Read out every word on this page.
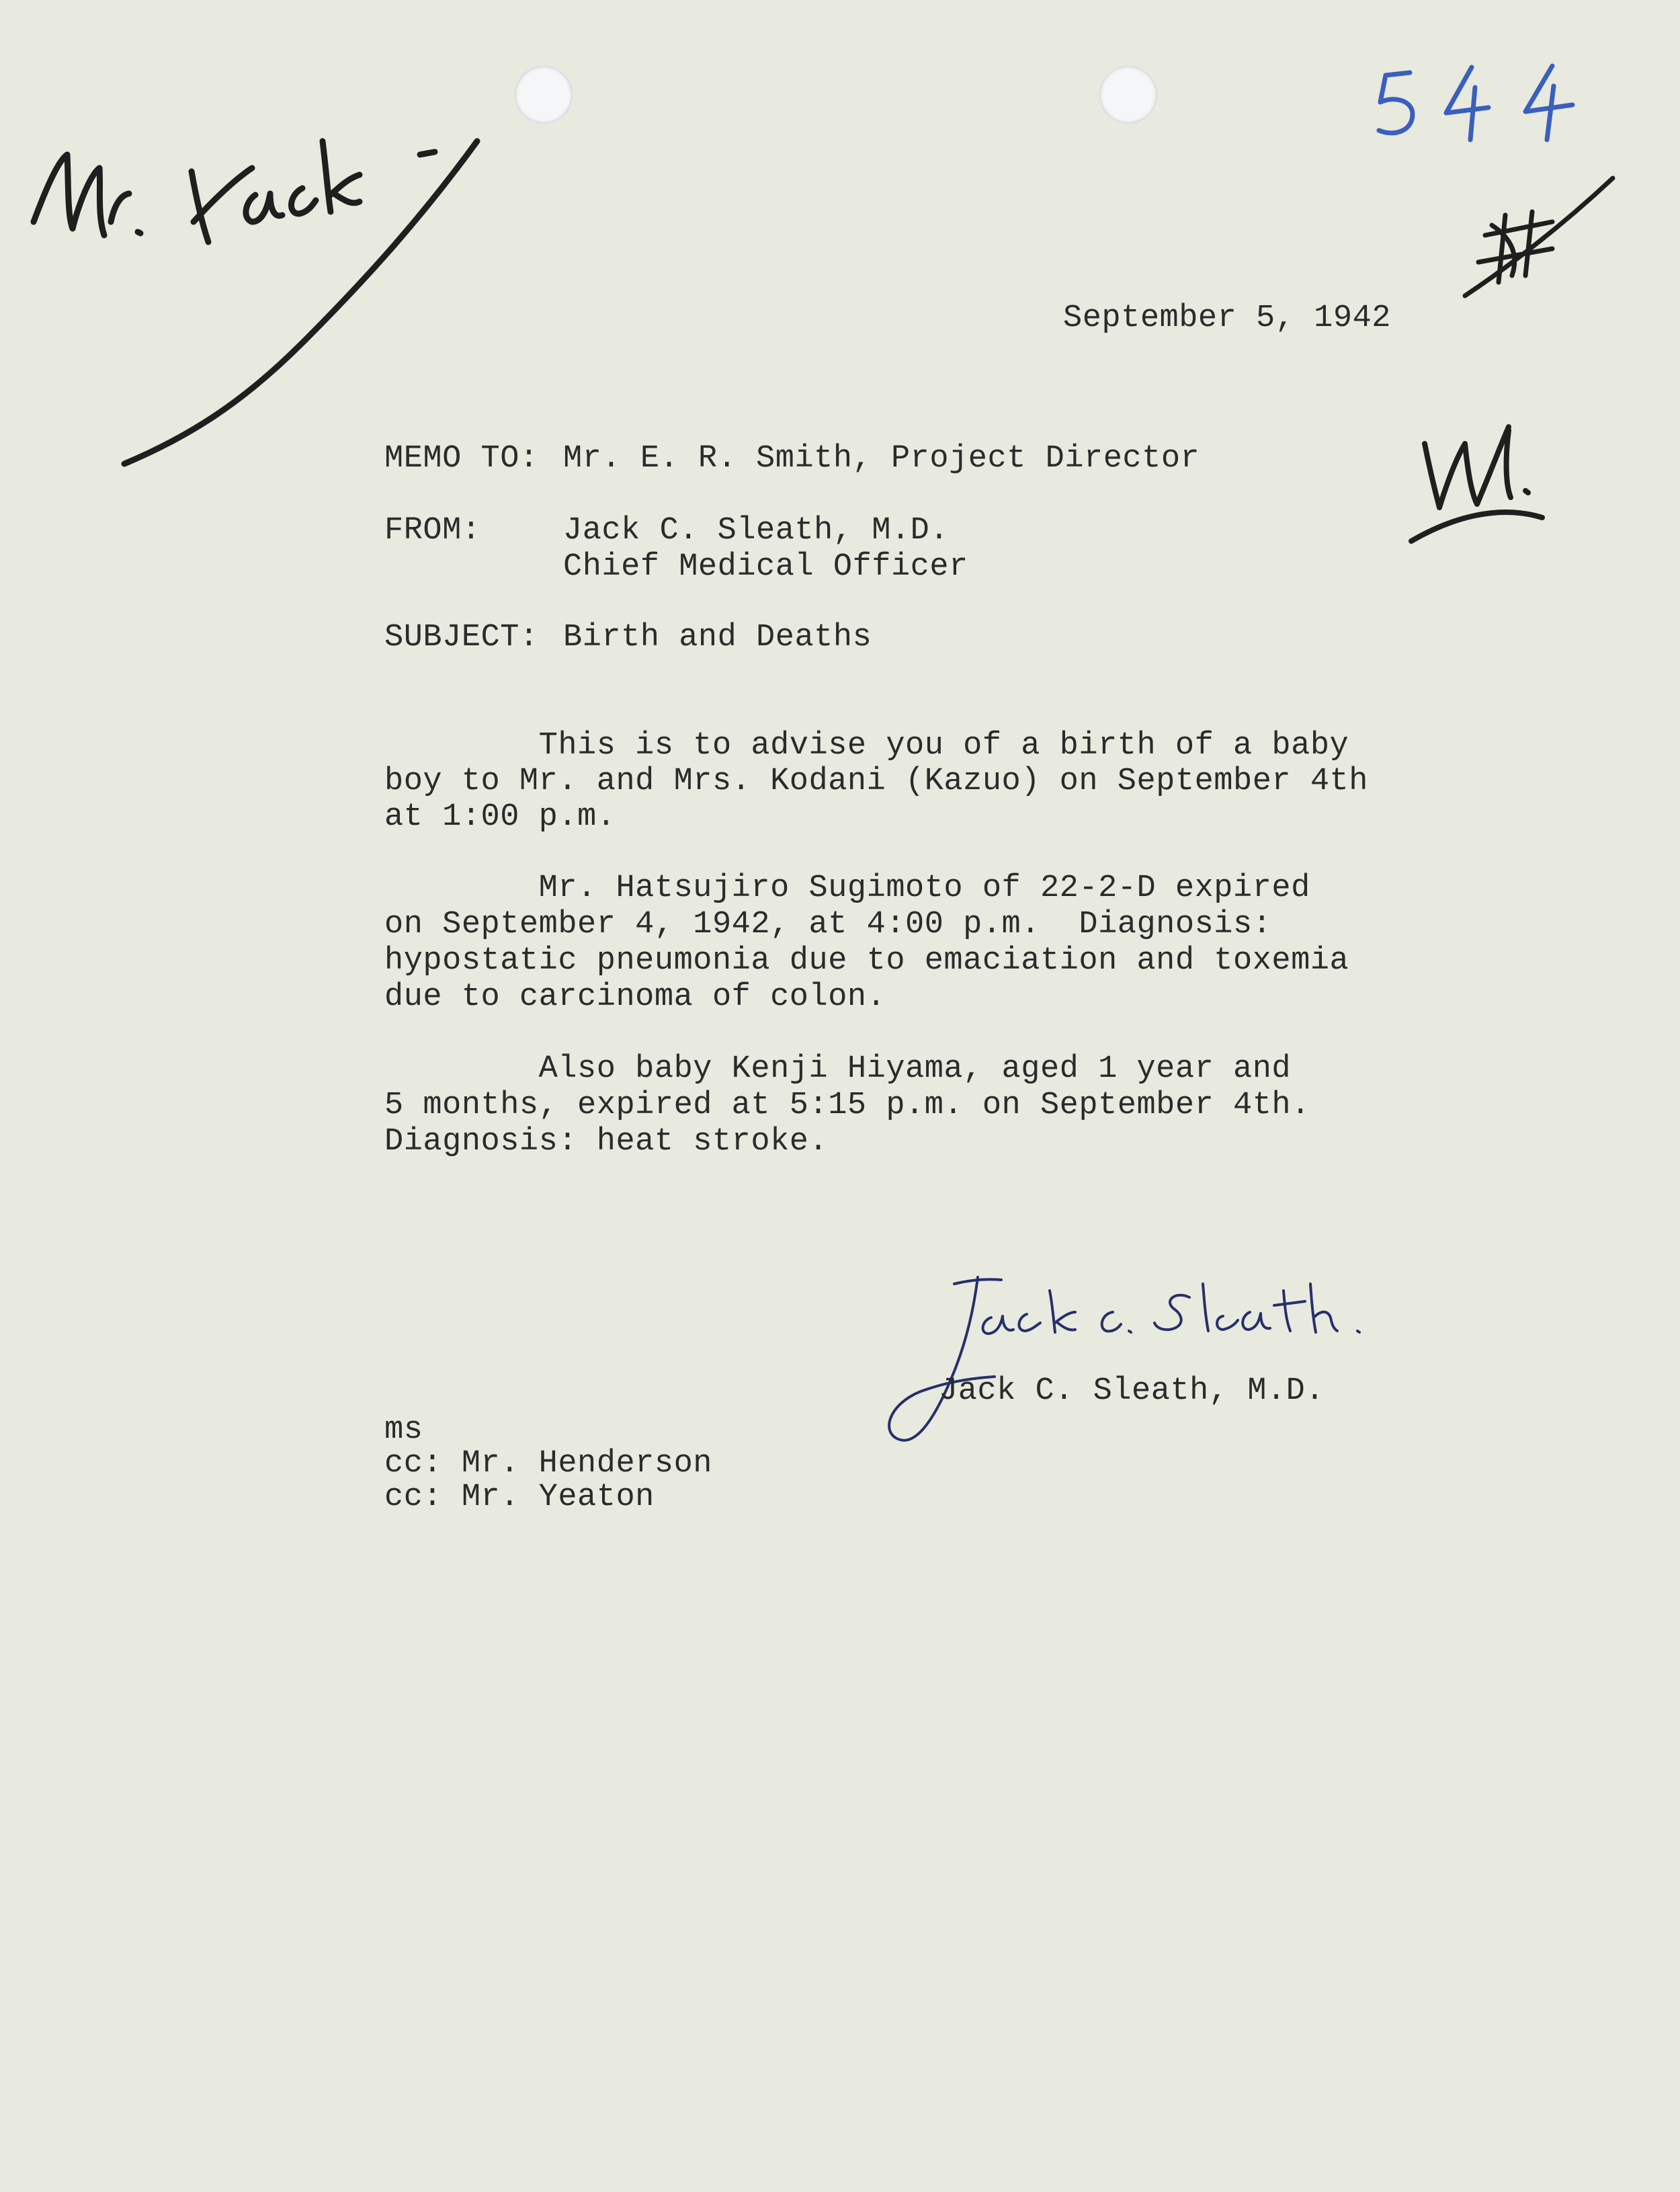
September 5, 1942
MEMO TO: Mr. E. R. Smith, Project Director
FROM:	Jack C. Sleath, M.D.
Chief Medical Officer
SUBJECT: Birth and Deaths
This is to advise you of a birth of a baby
boy to Mr. and Mrs. Kodani (Kazuo) on September 4th
at 1:00 p.m.
Mr. Hatsujiro Sugimoto of 22-2-D expired
on September 4, 1942, at 4:00 p.m.  Diagnosis:
hypostatic pneumonia due to emaciation and toxemia
due to carcinoma of colon.
Also baby Kenji Hiyama, aged 1 year and
5 months, expired at 5:15 p.m. on September 4th.
Diagnosis: heat stroke.
Jack C. Sleath, M.D.
ms
cc: Mr. Henderson
cc: Mr. Yeaton
